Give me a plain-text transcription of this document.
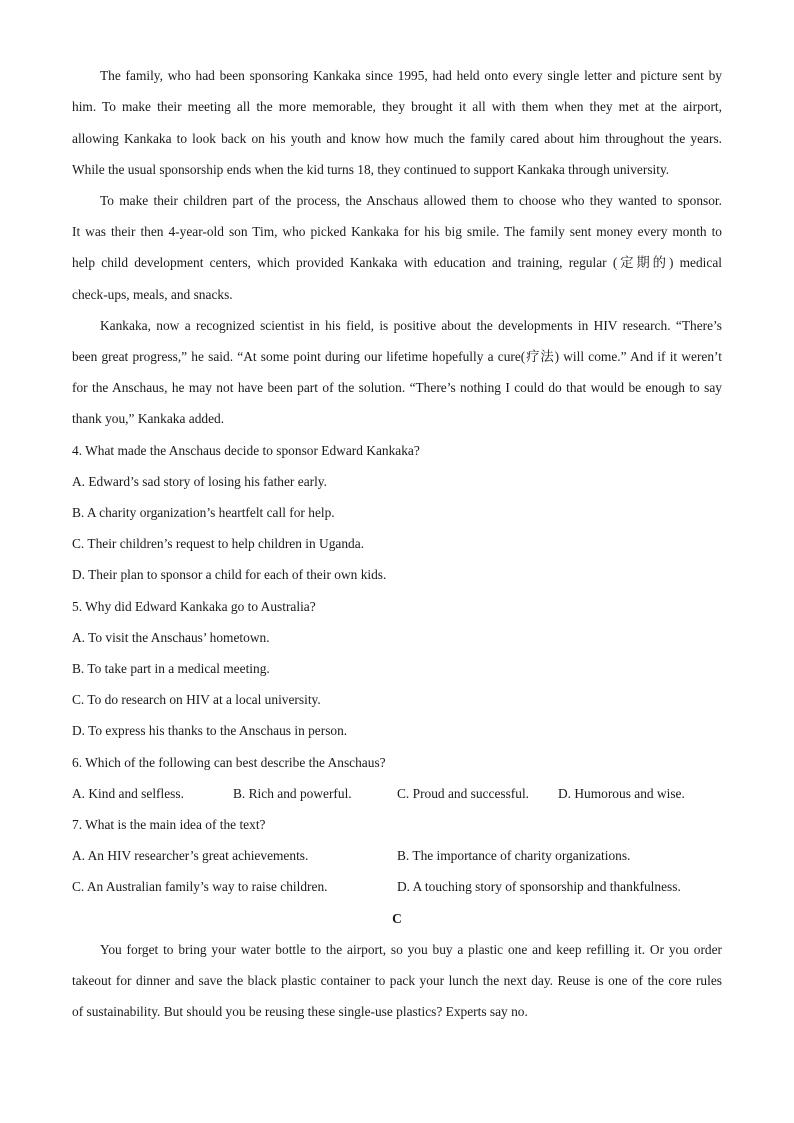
The family, who had been sponsoring Kankaka since 1995, had held onto every single letter and picture sent by
him. To make their meeting all the more memorable, they brought it all with them when they met at the airport,
allowing Kankaka to look back on his youth and know how much the family cared about him throughout the years.
While the usual sponsorship ends when the kid turns 18, they continued to support Kankaka through university.
To make their children part of the process, the Anschaus allowed them to choose who they wanted to sponsor.
It was their then 4-year-old son Tim, who picked Kankaka for his big smile. The family sent money every month to
help child development centers, which provided Kankaka with education and training, regular (定期的) medical
check-ups, meals, and snacks.
Kankaka, now a recognized scientist in his field, is positive about the developments in HIV research. “There’s
been great progress,” he said. “At some point during our lifetime hopefully a cure(疗法) will come.” And if it weren’t
for the Anschaus, he may not have been part of the solution. “There’s nothing I could do that would be enough to say
thank you,” Kankaka added.
4. What made the Anschaus decide to sponsor Edward Kankaka?
A. Edward’s sad story of losing his father early.
B. A charity organization’s heartfelt call for help.
C. Their children’s request to help children in Uganda.
D. Their plan to sponsor a child for each of their own kids.
5. Why did Edward Kankaka go to Australia?
A. To visit the Anschaus’ hometown.
B. To take part in a medical meeting.
C. To do research on HIV at a local university.
D. To express his thanks to the Anschaus in person.
6. Which of the following can best describe the Anschaus?
A. Kind and selfless.	B. Rich and powerful.	C. Proud and successful. D. Humorous and wise.
7. What is the main idea of the text?
A. An HIV researcher’s great achievements.	B. The importance of charity organizations.
C. An Australian family’s way to raise children.	D. A touching story of sponsorship and thankfulness.
C
You forget to bring your water bottle to the airport, so you buy a plastic one and keep refilling it. Or you order
takeout for dinner and save the black plastic container to pack your lunch the next day. Reuse is one of the core rules
of sustainability. But should you be reusing these single-use plastics? Experts say no.
